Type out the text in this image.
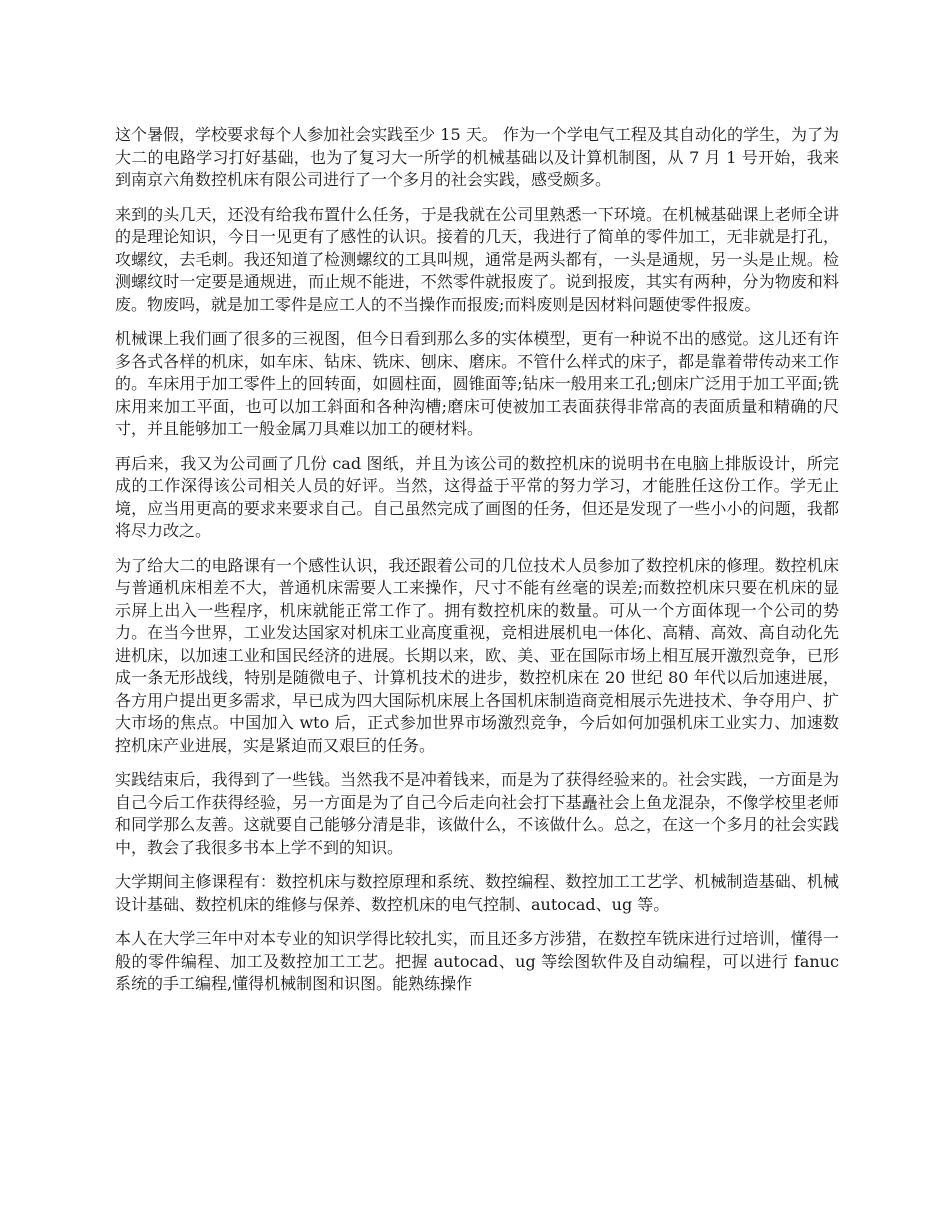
这个暑假，学校要求每个人参加社会实践至少 15 天。 作为一个学电气工程及其自动化的学生，为了为大二的电路学习打好基础，也为了复习大一所学的机械基础以及计算机制图，从 7 月 1 号开始，我来到南京六角数控机床有限公司进行了一个多月的社会实践，感受颇多。

来到的头几天，还没有给我布置什么任务，于是我就在公司里熟悉一下环境。在机械基础课上老师全讲的是理论知识，今日一见更有了感性的认识。接着的几天，我进行了简单的零件加工，无非就是打孔，攻螺纹，去毛刺。我还知道了检测螺纹的工具叫规，通常是两头都有，一头是通规，另一头是止规。检测螺纹时一定要是通规进，而止规不能进，不然零件就报废了。说到报废，其实有两种，分为物废和料废。物废吗，就是加工零件是应工人的不当操作而报废;而料废则是因材料问题使零件报废。

机械课上我们画了很多的三视图，但今日看到那么多的实体模型，更有一种说不出的感觉。这儿还有许多各式各样的机床，如车床、钻床、铣床、刨床、磨床。不管什么样式的床子，都是靠着带传动来工作的。车床用于加工零件上的回转面，如圆柱面，圆锥面等;钻床一般用来工孔;刨床广泛用于加工平面;铣床用来加工平面，也可以加工斜面和各种沟槽;磨床可使被加工表面获得非常高的表面质量和精确的尺寸，并且能够加工一般金属刀具难以加工的硬材料。

再后来，我又为公司画了几份 cad 图纸，并且为该公司的数控机床的说明书在电脑上排版设计，所完成的工作深得该公司相关人员的好评。当然，这得益于平常的努力学习，才能胜任这份工作。学无止境，应当用更高的要求来要求自己。自己虽然完成了画图的任务，但还是发现了一些小小的问题，我都将尽力改之。

为了给大二的电路课有一个感性认识，我还跟着公司的几位技术人员参加了数控机床的修理。数控机床与普通机床相差不大，普通机床需要人工来操作，尺寸不能有丝毫的误差;而数控机床只要在机床的显示屏上出入一些程序，机床就能正常工作了。拥有数控机床的数量。可从一个方面体现一个公司的势力。在当今世界，工业发达国家对机床工业高度重视，竞相进展机电一体化、高精、高效、高自动化先进机床，以加速工业和国民经济的进展。长期以来，欧、美、亚在国际市场上相互展开激烈竞争，已形成一条无形战线，特别是随微电子、计算机技术的进步，数控机床在 20 世纪 80 年代以后加速进展，各方用户提出更多需求，早已成为四大国际机床展上各国机床制造商竞相展示先进技术、争夺用户、扩大市场的焦点。中国加入 wto 后，正式参加世界市场激烈竞争，今后如何加强机床工业实力、加速数控机床产业进展，实是紧迫而又艰巨的任务。

实践结束后，我得到了一些钱。当然我不是冲着钱来，而是为了获得经验来的。社会实践，一方面是为自己今后工作获得经验，另一方面是为了自己今后走向社会打下基矗社会上鱼龙混杂，不像学校里老师和同学那么友善。这就要自己能够分清是非，该做什么，不该做什么。总之，在这一个多月的社会实践中，教会了我很多书本上学不到的知识。

大学期间主修课程有：数控机床与数控原理和系统、数控编程、数控加工工艺学、机械制造基础、机械设计基础、数控机床的维修与保养、数控机床的电气控制、autocad、ug 等。

本人在大学三年中对本专业的知识学得比较扎实，而且还多方涉猎，在数控车铣床进行过培训，懂得一般的零件编程、加工及数控加工工艺。把握 autocad、ug 等绘图软件及自动编程，可以进行 fanuc 系统的手工编程,懂得机械制图和识图。能熟练操作
